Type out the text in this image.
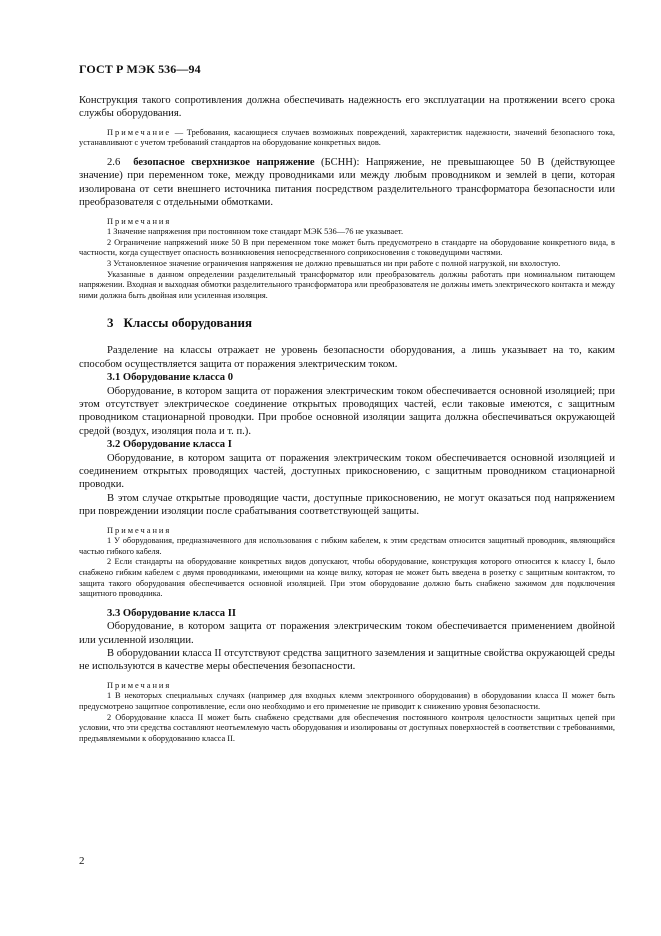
ГОСТ Р МЭК 536—94

Конструкция такого сопротивления должна обеспечивать надежность его эксплуатации на протяжении всего срока службы оборудования.

Примечание — Требования, касающиеся случаев возможных повреждений, характеристик надежности, значений безопасного тока, устанавливают с учетом требований стандартов на оборудование конкретных видов.

2.6 безопасное сверхнизкое напряжение (БСНН): Напряжение, не превышающее 50 В (действующее значение) при переменном токе, между проводниками или между любым проводником и землей в цепи, которая изолирована от сети внешнего источника питания посредством разделительного трансформатора безопасности или преобразователя с отдельными обмотками.

Примечания

1 Значение напряжения при постоянном токе стандарт МЭК 536—76 не указывает.

2 Ограничение напряжений ниже 50 В при переменном токе может быть предусмотрено в стандарте на оборудование конкретного вида, в частности, когда существует опасность возникновения непосредственного соприкосновения с токоведущими частями.

3 Установленное значение ограничения напряжения не должно превышаться ни при работе с полной нагрузкой, ни вхолостую.

Указанные в данном определении разделительный трансформатор или преобразователь должны работать при номинальном питающем напряжении. Входная и выходная обмотки разделительного трансформатора или преобразователя не должны иметь электрического контакта и между ними должна быть двойная или усиленная изоляция.

3 Классы оборудования

Разделение на классы отражает не уровень безопасности оборудования, а лишь указывает на то, каким способом осуществляется защита от поражения электрическим током.

3.1 Оборудование класса 0

Оборудование, в котором защита от поражения электрическим током обеспечивается основной изоляцией; при этом отсутствует электрическое соединение открытых проводящих частей, если таковые имеются, с защитным проводником стационарной проводки. При пробое основной изоляции защита должна обеспечиваться окружающей средой (воздух, изоляция пола и т. п.).

3.2 Оборудование класса I

Оборудование, в котором защита от поражения электрическим током обеспечивается основной изоляцией и соединением открытых проводящих частей, доступных прикосновению, с защитным проводником стационарной проводки.

В этом случае открытые проводящие части, доступные прикосновению, не могут оказаться под напряжением при повреждении изоляции после срабатывания соответствующей защиты.

Примечания

1 У оборудования, предназначенного для использования с гибким кабелем, к этим средствам относится защитный проводник, являющийся частью гибкого кабеля.

2 Если стандарты на оборудование конкретных видов допускают, чтобы оборудование, конструкция которого относится к классу I, было снабжено гибким кабелем с двумя проводниками, имеющими на конце вилку, которая не может быть введена в розетку с защитным контактом, то защита такого оборудования обеспечивается основной изоляцией. При этом оборудование должно быть снабжено зажимом для подключения защитного проводника.

3.3 Оборудование класса II

Оборудование, в котором защита от поражения электрическим током обеспечивается применением двойной или усиленной изоляции.

В оборудовании класса II отсутствуют средства защитного заземления и защитные свойства окружающей среды не используются в качестве меры обеспечения безопасности.

Примечания

1 В некоторых специальных случаях (например для входных клемм электронного оборудования) в оборудовании класса II может быть предусмотрено защитное сопротивление, если оно необходимо и его применение не приводит к снижению уровня безопасности.

2 Оборудование класса II может быть снабжено средствами для обеспечения постоянного контроля целостности защитных цепей при условии, что эти средства составляют неотъемлемую часть оборудования и изолированы от доступных поверхностей в соответствии с требованиями, предъявляемыми к оборудованию класса II.

2
